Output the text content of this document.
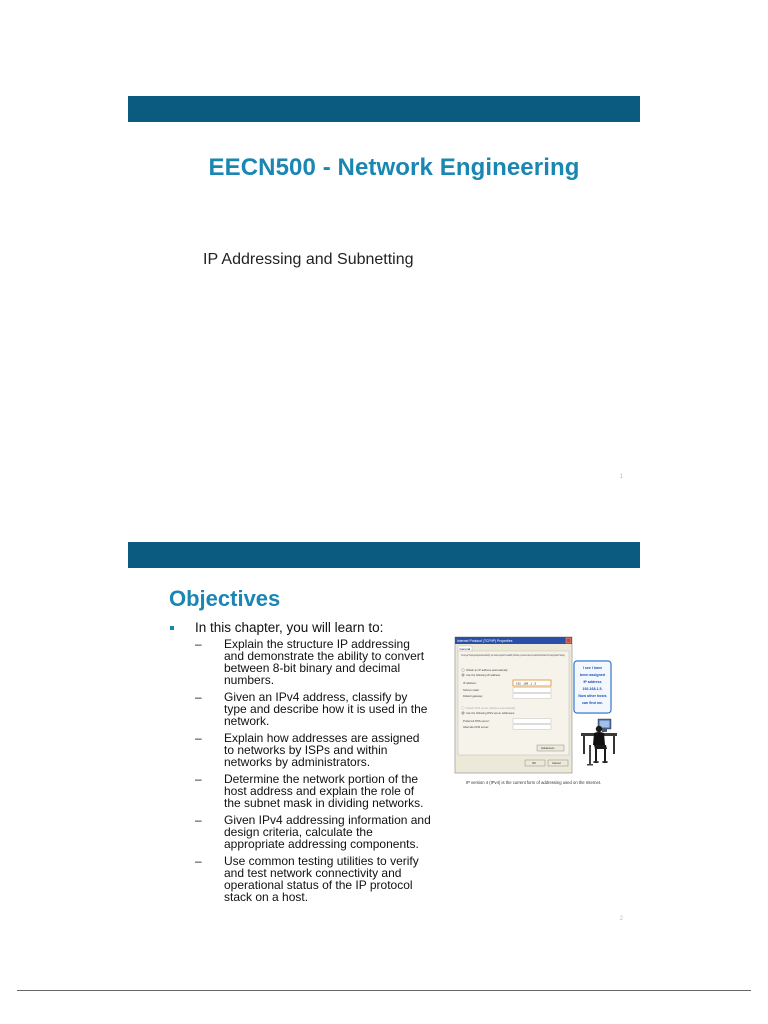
EECN500 - Network Engineering
IP Addressing and Subnetting
1
Objectives
In this chapter, you will learn to:
– Explain the structure IP addressing
and demonstrate the ability to convert
between 8-bit binary and decimal
numbers.
– Given an IPv4 address, classify by
type and describe how it is used in the
network.
– Explain how addresses are assigned
to networks by ISPs and within
networks by administrators.
– Determine the network portion of the
host address and explain the role of
the subnet mask in dividing networks.
– Given IPv4 addressing information and
design criteria, calculate the
appropriate addressing components.
– Use common testing utilities to verify
and test network connectivity and
operational status of the IP protocol
stack on a host.
Internet Protocol (TCP/IP) Properties
General
You can get IP settings assigned automatically if your network supports this capability. Otherwise, you need to ask your network administrator for the appropriate IP settings.
Obtain an IP address automatically
Use the following IP address:
IP address:	192 . 168 . 1 . 5
Subnet mask:
Default gateway:
Obtain DNS server address automatically
Use the following DNS server addresses:
Preferred DNS server:
Alternate DNS server:
Advanced...
OK	Cancel
I see I have
been assigned
IP address
192.168.1.5.
Now other hosts
can find me.
IP version 4 (IPv4) is the current form of addressing used on the Internet.
2
